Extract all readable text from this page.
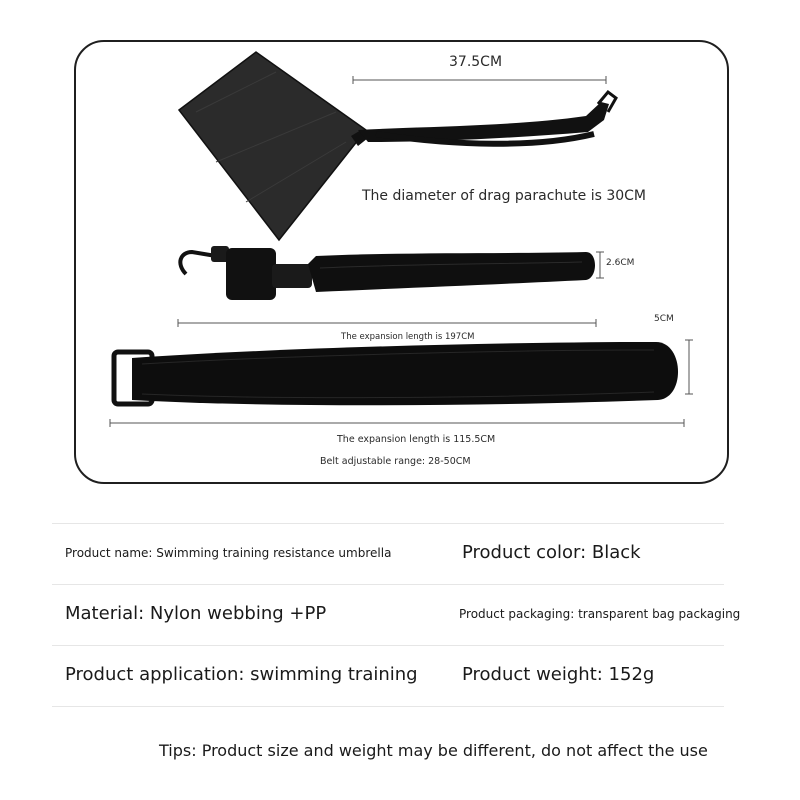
37.5CM
The diameter of drag parachute is 30CM
2.6CM
5CM
The expansion length is 197CM
The expansion length is 115.5CM
Belt adjustable range: 28-50CM
Product name: Swimming training resistance umbrella	Product color: Black
Material: Nylon webbing +PP	Product packaging: transparent bag packaging
Product application: swimming training Product weight: 152g
Tips: Product size and weight may be different, do not affect the use
